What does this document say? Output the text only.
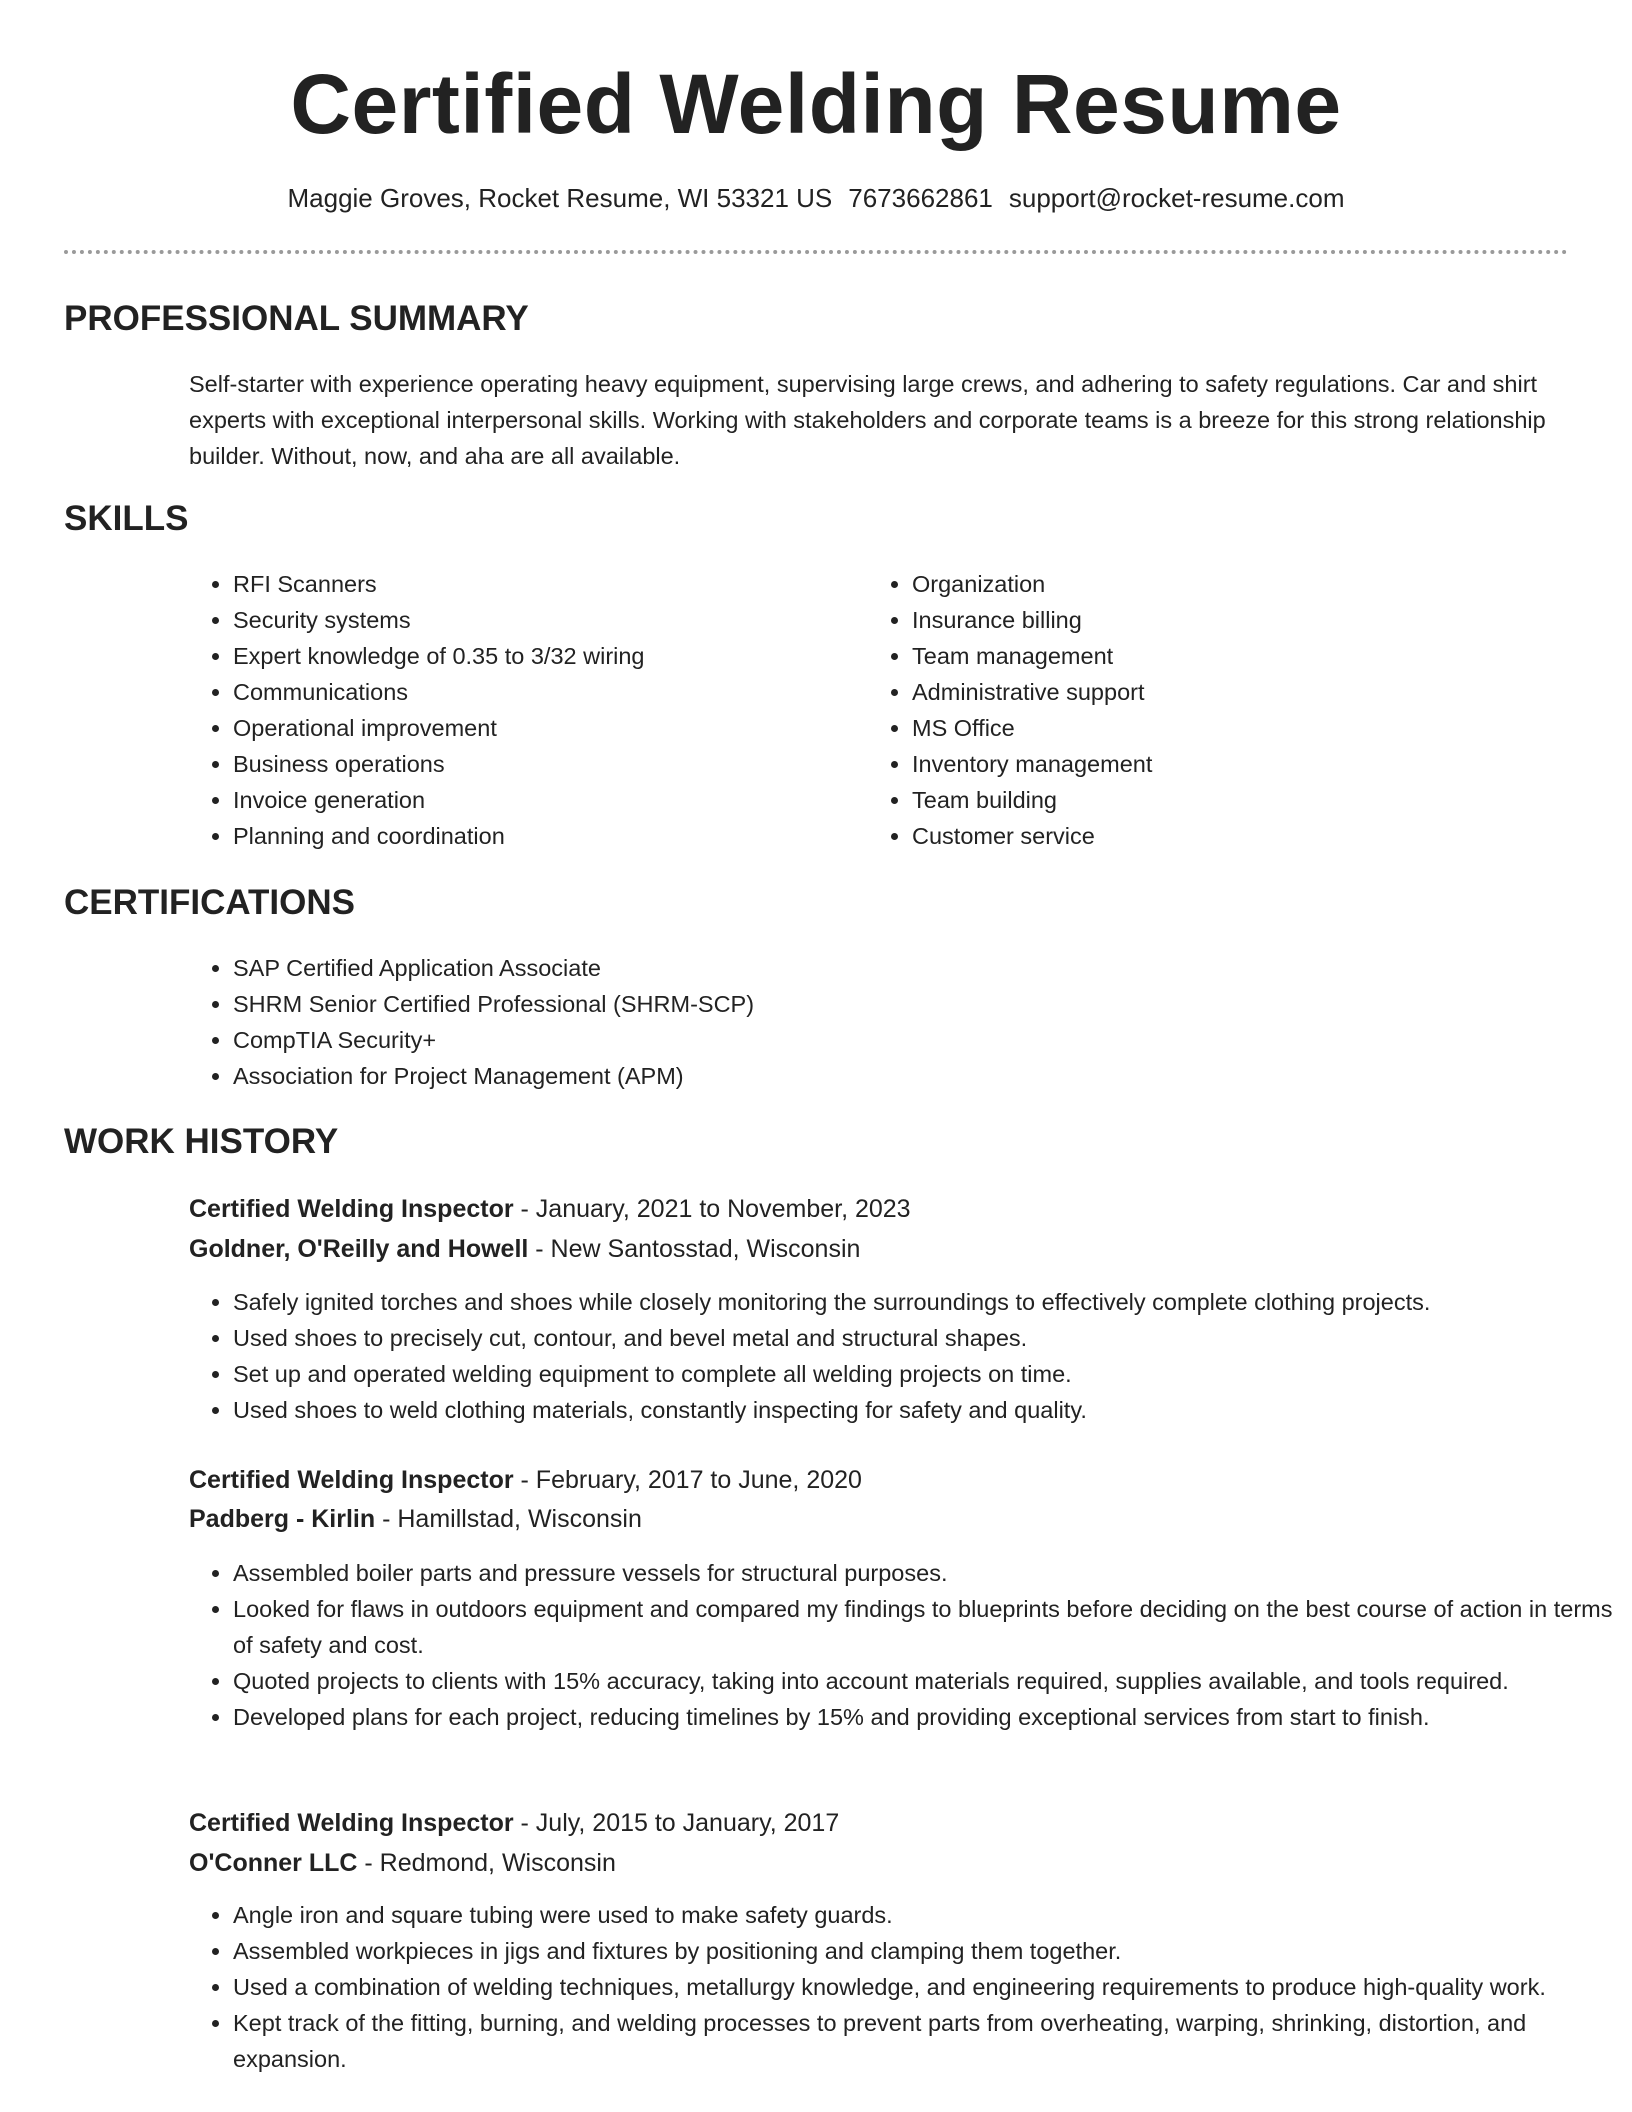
Certified Welding Resume
Maggie Groves, Rocket Resume, WI 53321 US 7673662861 support@rocket-resume.com
PROFESSIONAL SUMMARY

Self-starter with experience operating heavy equipment, supervising large crews, and adhering to safety regulations. Car and shirt experts with exceptional interpersonal skills. Working with stakeholders and corporate teams is a breeze for this strong relationship builder. Without, now, and aha are all available.

SKILLS
• RFI Scanners
• Security systems
• Expert knowledge of 0.35 to 3/32 wiring
• Communications
• Operational improvement
• Business operations
• Invoice generation
• Planning and coordination
• Organization
• Insurance billing
• Team management
• Administrative support
• MS Office
• Inventory management
• Team building
• Customer service
CERTIFICATIONS
• SAP Certified Application Associate
• SHRM Senior Certified Professional (SHRM-SCP)
• CompTIA Security+
• Association for Project Management (APM)
WORK HISTORY
Certified Welding Inspector - January, 2021 to November, 2023
Goldner, O'Reilly and Howell - New Santosstad, Wisconsin
• Safely ignited torches and shoes while closely monitoring the surroundings to effectively complete clothing projects.
• Used shoes to precisely cut, contour, and bevel metal and structural shapes.
• Set up and operated welding equipment to complete all welding projects on time.
• Used shoes to weld clothing materials, constantly inspecting for safety and quality.
Certified Welding Inspector - February, 2017 to June, 2020
Padberg - Kirlin - Hamillstad, Wisconsin
• Assembled boiler parts and pressure vessels for structural purposes.
• Looked for flaws in outdoors equipment and compared my findings to blueprints before deciding on the best course of action in terms of safety and cost.
• Quoted projects to clients with 15% accuracy, taking into account materials required, supplies available, and tools required.
• Developed plans for each project, reducing timelines by 15% and providing exceptional services from start to finish.
Certified Welding Inspector - July, 2015 to January, 2017
O'Conner LLC - Redmond, Wisconsin
• Angle iron and square tubing were used to make safety guards.
• Assembled workpieces in jigs and fixtures by positioning and clamping them together.
• Used a combination of welding techniques, metallurgy knowledge, and engineering requirements to produce high-quality work.
• Kept track of the fitting, burning, and welding processes to prevent parts from overheating, warping, shrinking, distortion, and expansion.
